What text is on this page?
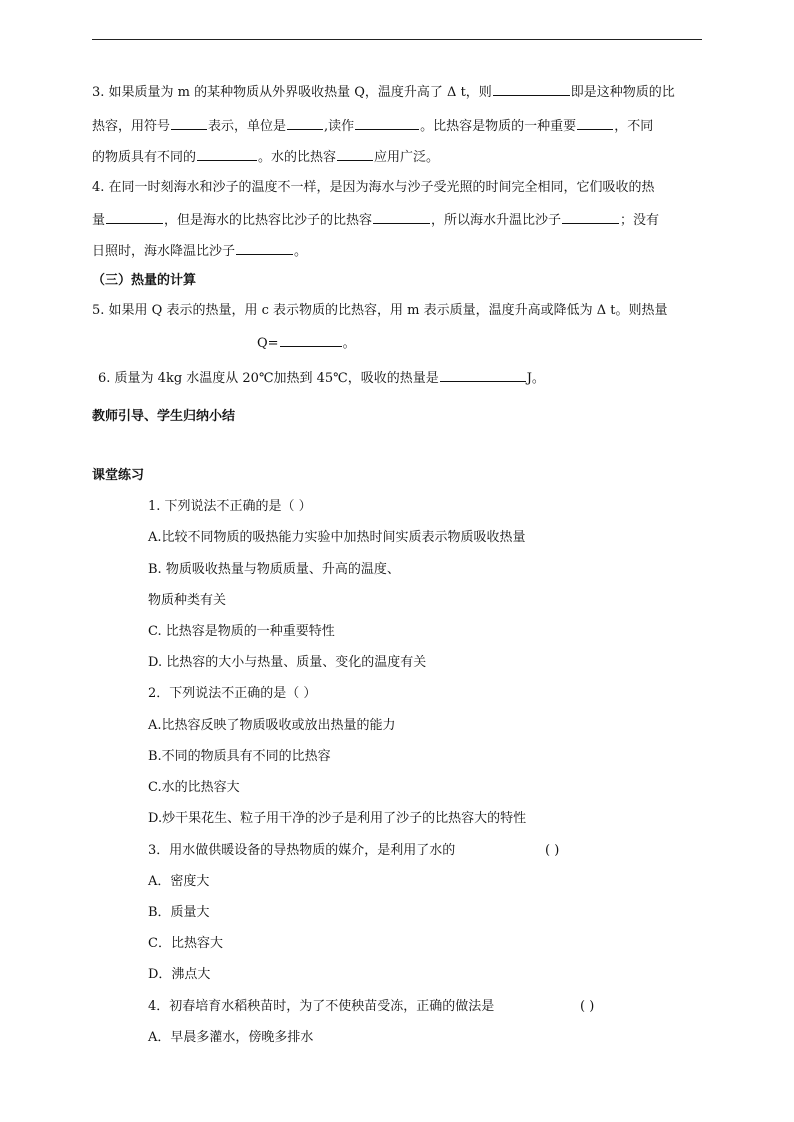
3. 如果质量为 m 的某种物质从外界吸收热量 Q，温度升高了 Δ t，则	即是这种物质的比
热容，用符号	表示，单位是	,读作	。比热容是物质的一种重要	，不同
的物质具有不同的	。水的比热容	应用广泛。
4. 在同一时刻海水和沙子的温度不一样，是因为海水与沙子受光照的时间完全相同，它们吸收的热
量	，但是海水的比热容比沙子的比热容	，所以海水升温比沙子	；没有
日照时，海水降温比沙子	。
（三）热量的计算
5. 如果用 Q 表示的热量，用 c 表示物质的比热容，用 m 表示质量，温度升高或降低为 Δ t。则热量
Q=	。
6. 质量为 4kg 水温度从 20℃加热到 45℃，吸收的热量是	J。
教师引导、学生归纳小结
课堂练习
1. 下列说法不正确的是（ ）
A.比较不同物质的吸热能力实验中加热时间实质表示物质吸收热量
B. 物质吸收热量与物质质量、升高的温度、
物质种类有关
C. 比热容是物质的一种重要特性
D. 比热容的大小与热量、质量、变化的温度有关
2．下列说法不正确的是（ ）
A.比热容反映了物质吸收或放出热量的能力
B.不同的物质具有不同的比热容
C.水的比热容大
D.炒干果花生、粒子用干净的沙子是利用了沙子的比热容大的特性
3．用水做供暖设备的导热物质的媒介，是利用了水的	( )
A．密度大
B．质量大
C．比热容大
D．沸点大
4．初春培育水稻秧苗时，为了不使秧苗受冻，正确的做法是	( )
A．早晨多灌水，傍晚多排水
